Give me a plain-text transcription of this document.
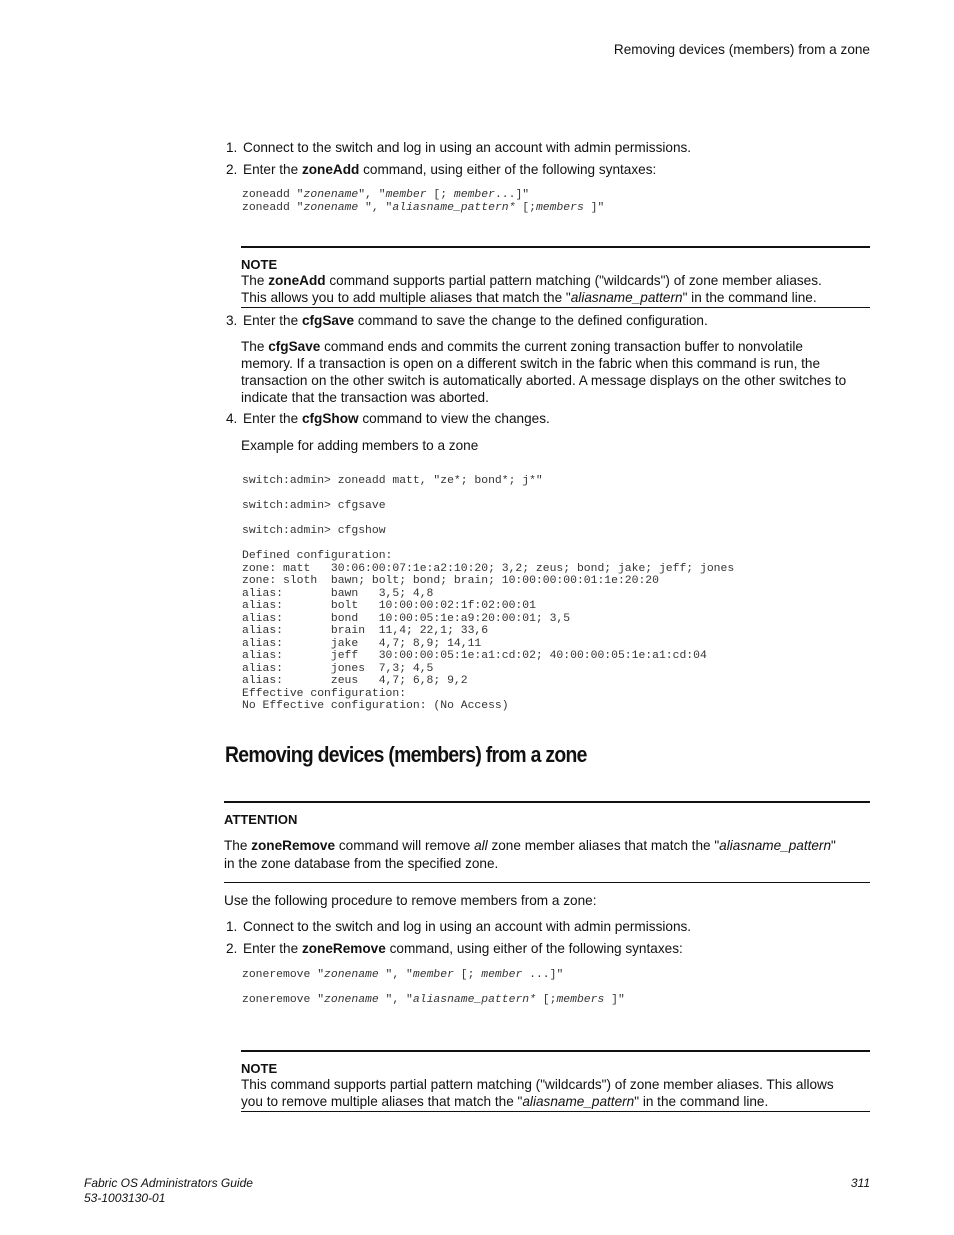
Removing devices (members) from a zone
1. Connect to the switch and log in using an account with admin permissions.
2. Enter the zoneAdd command, using either of the following syntaxes:
zoneadd "zonename", "member [; member...]"
zoneadd "zonename ", "aliasname_pattern* [;members ]"
NOTE
The zoneAdd command supports partial pattern matching ("wildcards") of zone member aliases.
This allows you to add multiple aliases that match the "aliasname_pattern" in the command line.
3. Enter the cfgSave command to save the change to the defined configuration.
The cfgSave command ends and commits the current zoning transaction buffer to nonvolatile
memory. If a transaction is open on a different switch in the fabric when this command is run, the
transaction on the other switch is automatically aborted. A message displays on the other switches to
indicate that the transaction was aborted.
4. Enter the cfgShow command to view the changes.
Example for adding members to a zone
switch:admin> zoneadd matt, "ze*; bond*; j*"
switch:admin> cfgsave
switch:admin> cfgshow
Defined configuration:
zone: matt   30:06:00:07:1e:a2:10:20; 3,2; zeus; bond; jake; jeff; jones
zone: sloth  bawn; bolt; bond; brain; 10:00:00:00:01:1e:20:20
alias:       bawn   3,5; 4,8
alias:       bolt   10:00:00:02:1f:02:00:01
alias:       bond   10:00:05:1e:a9:20:00:01; 3,5
alias:       brain  11,4; 22,1; 33,6
alias:       jake   4,7; 8,9; 14,11
alias:       jeff   30:00:00:05:1e:a1:cd:02; 40:00:00:05:1e:a1:cd:04
alias:       jones  7,3; 4,5
alias:       zeus   4,7; 6,8; 9,2
Effective configuration:
No Effective configuration: (No Access)
Removing devices (members) from a zone
ATTENTION
The zoneRemove command will remove all zone member aliases that match the "aliasname_pattern"
in the zone database from the specified zone.
Use the following procedure to remove members from a zone:
1. Connect to the switch and log in using an account with admin permissions.
2. Enter the zoneRemove command, using either of the following syntaxes:
zoneremove "zonename ", "member [; member ...]"
zoneremove "zonename ", "aliasname_pattern* [;members ]"
NOTE
This command supports partial pattern matching ("wildcards") of zone member aliases. This allows
you to remove multiple aliases that match the "aliasname_pattern" in the command line.
Fabric OS Administrators Guide
53-1003130-01
311
